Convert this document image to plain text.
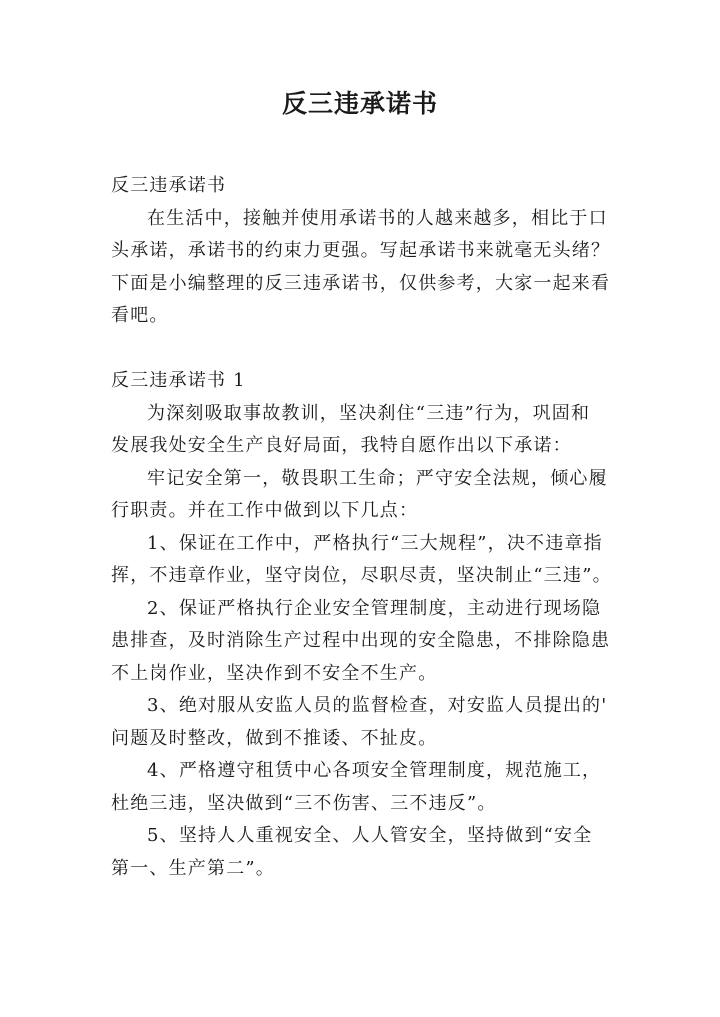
反三违承诺书
反三违承诺书
在生活中，接触并使用承诺书的人越来越多，相比于口
头承诺，承诺书的约束力更强。写起承诺书来就毫无头绪？
下面是小编整理的反三违承诺书，仅供参考，大家一起来看
看吧。
反三违承诺书 1
为深刻吸取事故教训，坚决刹住“三违”行为，巩固和
发展我处安全生产良好局面，我特自愿作出以下承诺：
牢记安全第一，敬畏职工生命；严守安全法规，倾心履
行职责。并在工作中做到以下几点：
1、保证在工作中，严格执行“三大规程”，决不违章指
挥，不违章作业，坚守岗位，尽职尽责，坚决制止“三违”。
2、保证严格执行企业安全管理制度，主动进行现场隐
患排查，及时消除生产过程中出现的安全隐患，不排除隐患
不上岗作业，坚决作到不安全不生产。
3、绝对服从安监人员的监督检查，对安监人员提出的'
问题及时整改，做到不推诿、不扯皮。
4、严格遵守租赁中心各项安全管理制度，规范施工，
杜绝三违，坚决做到“三不伤害、三不违反”。
5、坚持人人重视安全、人人管安全，坚持做到“安全
第一、生产第二”。
